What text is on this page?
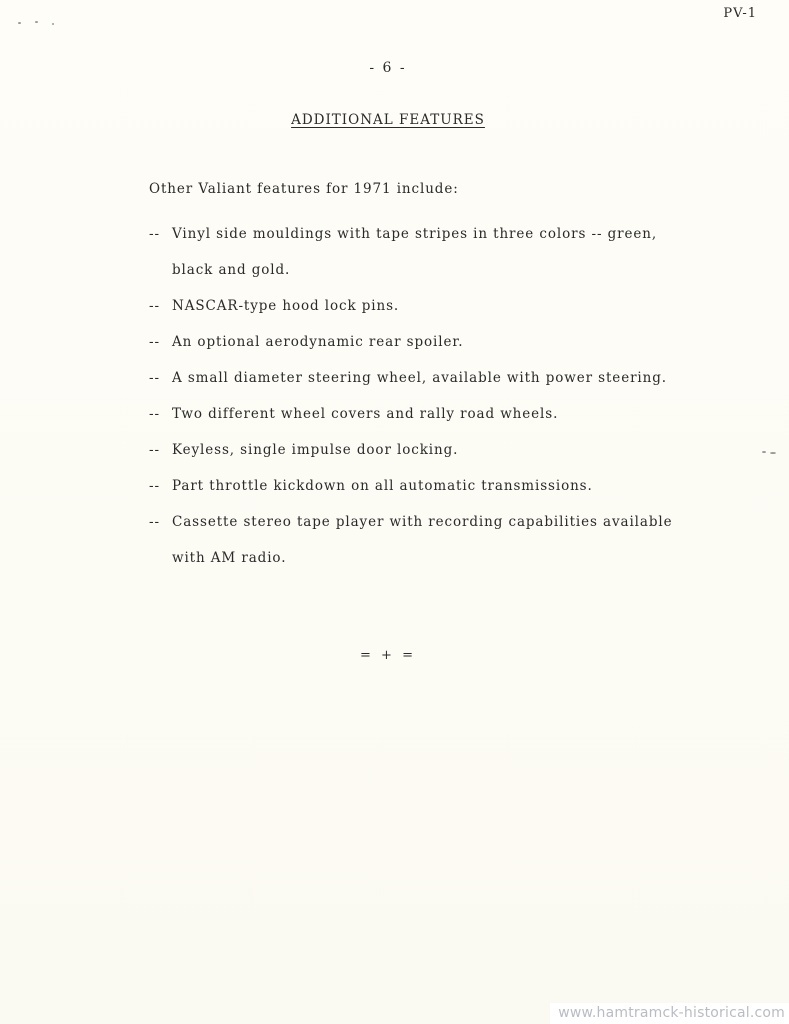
PV-1
- 6 -
ADDITIONAL FEATURES
Other Valiant features for 1971 include:
-- Vinyl side mouldings with tape stripes in three colors -- green,
black and gold.
-- NASCAR-type hood lock pins.
-- An optional aerodynamic rear spoiler.
-- A small diameter steering wheel, available with power steering.
-- Two different wheel covers and rally road wheels.
-- Keyless, single impulse door locking.
-- Part throttle kickdown on all automatic transmissions.
-- Cassette stereo tape player with recording capabilities available
with AM radio.
= + =
www.hamtramck-historical.com
